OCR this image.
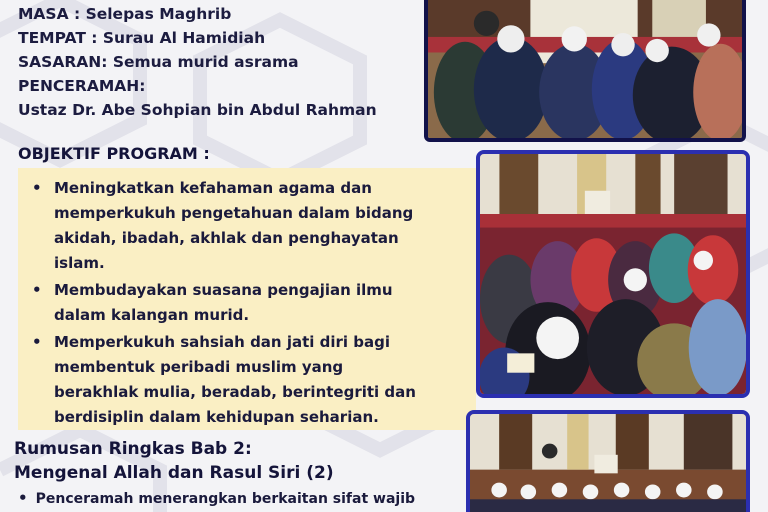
MASA : Selepas Maghrib
TEMPAT : Surau Al Hamidiah
SASARAN: Semua murid asrama
PENCERAMAH:
Ustaz Dr. Abe Sohpian bin Abdul Rahman
OBJEKTIF PROGRAM :
• Meningkatkan kefahaman agama dan
memperkukuh pengetahuan dalam bidang
akidah, ibadah, akhlak dan penghayatan
islam.
• Membudayakan suasana pengajian ilmu
dalam kalangan murid.
• Memperkukuh sahsiah dan jati diri bagi
membentuk peribadi muslim yang
berakhlak mulia, beradab, berintegriti dan
berdisiplin dalam kehidupan seharian.
Rumusan Ringkas Bab 2:
Mengenal Allah dan Rasul Siri (2)
• Penceramah menerangkan berkaitan sifat wajib
